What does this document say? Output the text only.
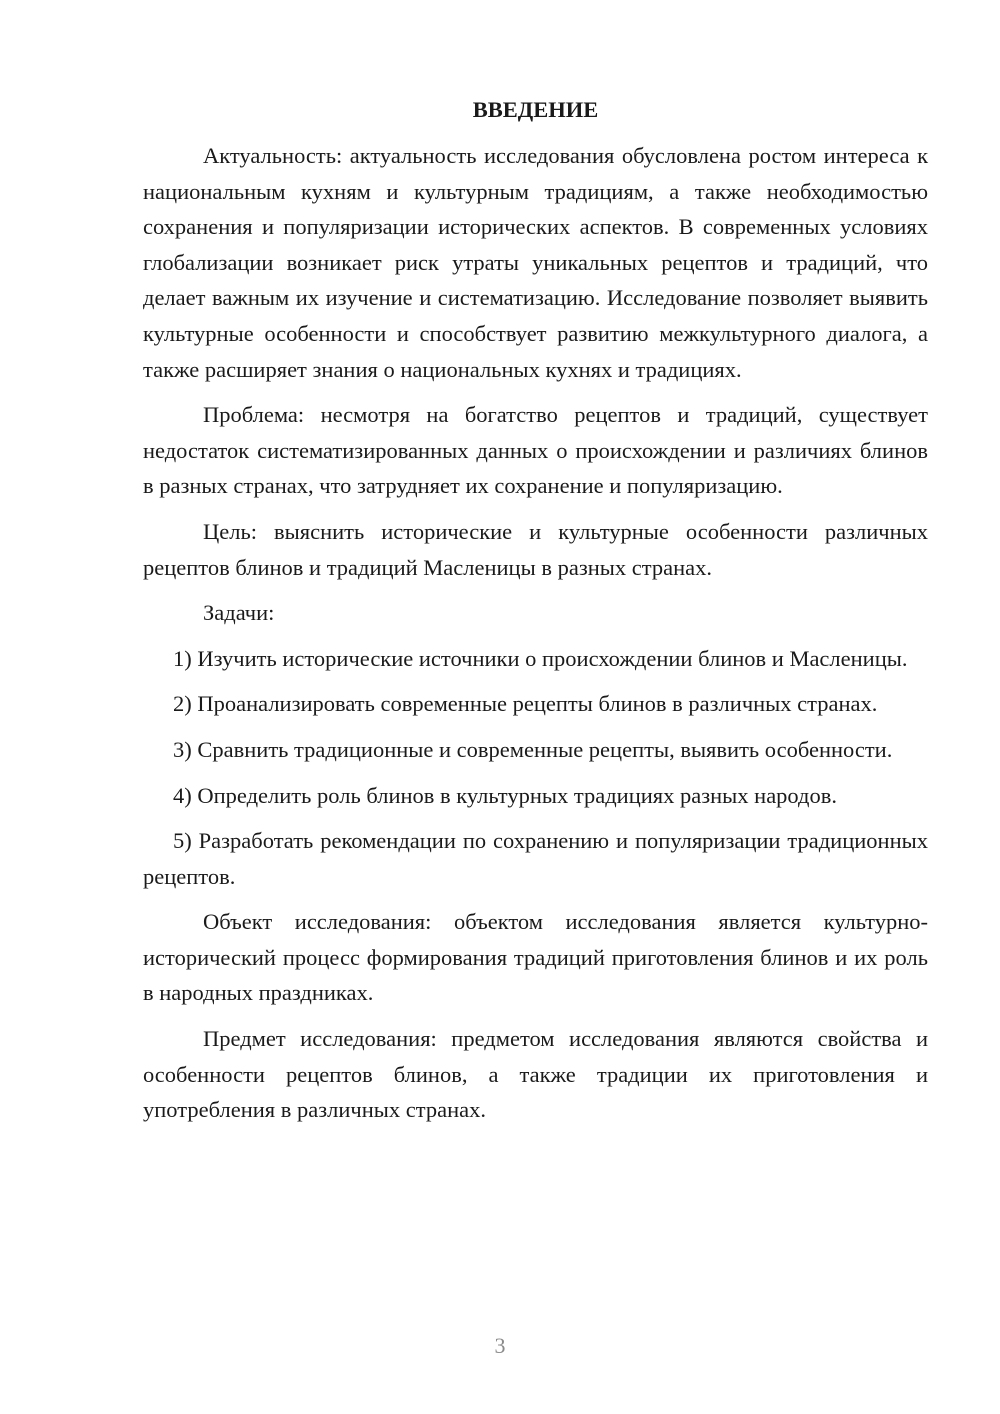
ВВЕДЕНИЕ

Актуальность: актуальность исследования обусловлена ростом интереса к национальным кухням и культурным традициям, а также необходимостью сохранения и популяризации исторических аспектов. В современных условиях глобализации возникает риск утраты уникальных рецептов и традиций, что делает важным их изучение и систематизацию. Исследование позволяет выявить культурные особенности и способствует развитию межкультурного диалога, а также расширяет знания о национальных кухнях и традициях.

Проблема: несмотря на богатство рецептов и традиций, существует недостаток систематизированных данных о происхождении и различиях блинов в разных странах, что затрудняет их сохранение и популяризацию.

Цель: выяснить исторические и культурные особенности различных рецептов блинов и традиций Масленицы в разных странах.

Задачи:

1) Изучить исторические источники о происхождении блинов и Масленицы.

2) Проанализировать современные рецепты блинов в различных странах.

3) Сравнить традиционные и современные рецепты, выявить особенности.

4) Определить роль блинов в культурных традициях разных народов.

5) Разработать рекомендации по сохранению и популяризации традиционных рецептов.

Объект исследования: объектом исследования является культурно-исторический процесс формирования традиций приготовления блинов и их роль в народных праздниках.

Предмет исследования: предметом исследования являются свойства и особенности рецептов блинов, а также традиции их приготовления и употребления в различных странах.

3
